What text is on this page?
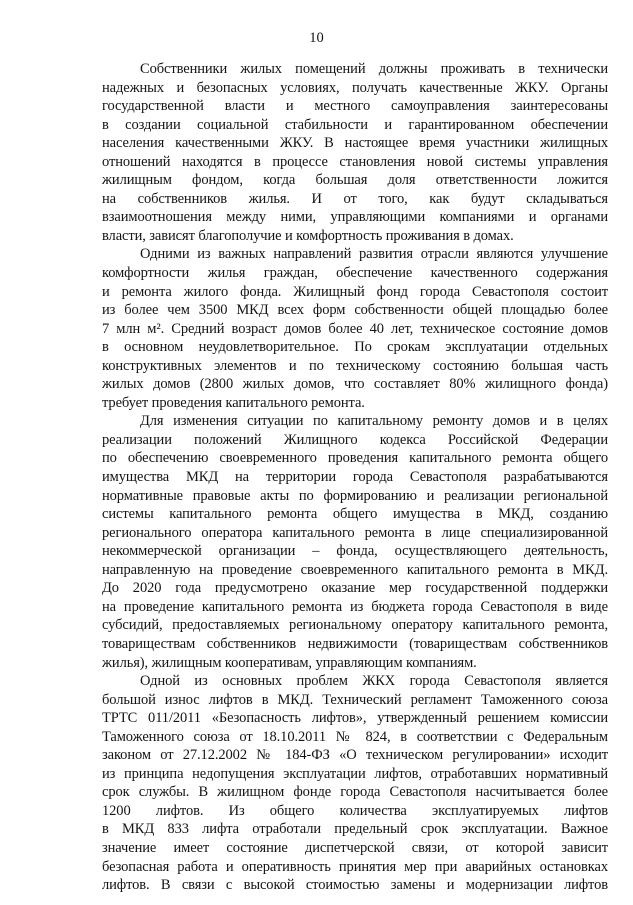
10

Собственники жилых помещений должны проживать в технически
надежных и безопасных условиях, получать качественные ЖКУ. Органы
государственной власти и местного самоуправления заинтересованы
в создании социальной стабильности и гарантированном обеспечении
населения качественными ЖКУ. В настоящее время участники жилищных
отношений находятся в процессе становления новой системы управления
жилищным фондом, когда большая доля ответственности ложится
на собственников жилья. И от того, как будут складываться
взаимоотношения между ними, управляющими компаниями и органами
власти, зависят благополучие и комфортность проживания в домах.

Одними из важных направлений развития отрасли являются улучшение
комфортности жилья граждан, обеспечение качественного содержания
и ремонта жилого фонда. Жилищный фонд города Севастополя состоит
из более чем 3500 МКД всех форм собственности общей площадью более
7 млн м². Средний возраст домов более 40 лет, техническое состояние домов
в основном неудовлетворительное. По срокам эксплуатации отдельных
конструктивных элементов и по техническому состоянию большая часть
жилых домов (2800 жилых домов, что составляет 80% жилищного фонда)
требует проведения капитального ремонта.

Для изменения ситуации по капитальному ремонту домов и в целях
реализации положений Жилищного кодекса Российской Федерации
по обеспечению своевременного проведения капитального ремонта общего
имущества МКД на территории города Севастополя разрабатываются
нормативные правовые акты по формированию и реализации региональной
системы капитального ремонта общего имущества в МКД, созданию
регионального оператора капитального ремонта в лице специализированной
некоммерческой организации – фонда, осуществляющего деятельность,
направленную на проведение своевременного капитального ремонта в МКД.
До 2020 года предусмотрено оказание мер государственной поддержки
на проведение капитального ремонта из бюджета города Севастополя в виде
субсидий, предоставляемых региональному оператору капитального ремонта,
товариществам собственников недвижимости (товариществам собственников
жилья), жилищным кооперативам, управляющим компаниям.

Одной из основных проблем ЖКХ города Севастополя является
большой износ лифтов в МКД. Технический регламент Таможенного союза
ТРТС 011/2011 «Безопасность лифтов», утвержденный решением комиссии
Таможенного союза от 18.10.2011 № 824, в соответствии с Федеральным
законом от 27.12.2002 № 184-ФЗ «О техническом регулировании» исходит
из принципа недопущения эксплуатации лифтов, отработавших нормативный
срок службы. В жилищном фонде города Севастополя насчитывается более
1200 лифтов. Из общего количества эксплуатируемых лифтов
в МКД 833 лифта отработали предельный срок эксплуатации. Важное
значение имеет состояние диспетчерской связи, от которой зависит
безопасная работа и оперативность принятия мер при аварийных остановках
лифтов. В связи с высокой стоимостью замены и модернизации лифтов
